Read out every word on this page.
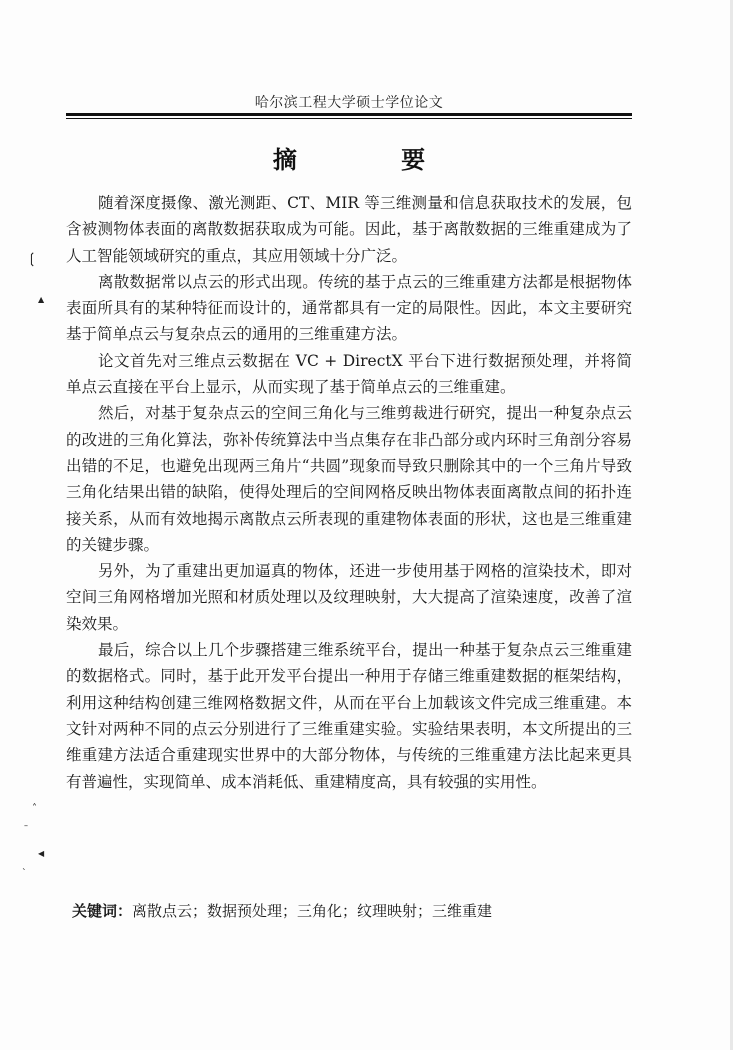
哈尔滨工程大学硕士学位论文
摘 要

随着深度摄像、激光测距、CT、MIR 等三维测量和信息获取技术的发展，包含被测物体表面的离散数据获取成为可能。因此，基于离散数据的三维重建成为了人工智能领域研究的重点，其应用领域十分广泛。

离散数据常以点云的形式出现。传统的基于点云的三维重建方法都是根据物体表面所具有的某种特征而设计的，通常都具有一定的局限性。因此，本文主要研究基于简单点云与复杂点云的通用的三维重建方法。

论文首先对三维点云数据在 VC + DirectX 平台下进行数据预处理，并将简单点云直接在平台上显示，从而实现了基于简单点云的三维重建。

然后，对基于复杂点云的空间三角化与三维剪裁进行研究，提出一种复杂点云的改进的三角化算法，弥补传统算法中当点集存在非凸部分或内环时三角剖分容易出错的不足，也避免出现两三角片“共圆”现象而导致只删除其中的一个三角片导致三角化结果出错的缺陷，使得处理后的空间网格反映出物体表面离散点间的拓扑连接关系，从而有效地揭示离散点云所表现的重建物体表面的形状，这也是三维重建的关键步骤。

另外，为了重建出更加逼真的物体，还进一步使用基于网格的渲染技术，即对空间三角网格增加光照和材质处理以及纹理映射，大大提高了渲染速度，改善了渲染效果。

最后，综合以上几个步骤搭建三维系统平台，提出一种基于复杂点云三维重建的数据格式。同时，基于此开发平台提出一种用于存储三维重建数据的框架结构，利用这种结构创建三维网格数据文件，从而在平台上加载该文件完成三维重建。本文针对两种不同的点云分别进行了三维重建实验。实验结果表明，本文所提出的三维重建方法适合重建现实世界中的大部分物体，与传统的三维重建方法比起来更具有普遍性，实现简单、成本消耗低、重建精度高，具有较强的实用性。

关键词：离散点云；数据预处理；三角化；纹理映射；三维重建
❲
▲
˄
–
◀
ˎ
